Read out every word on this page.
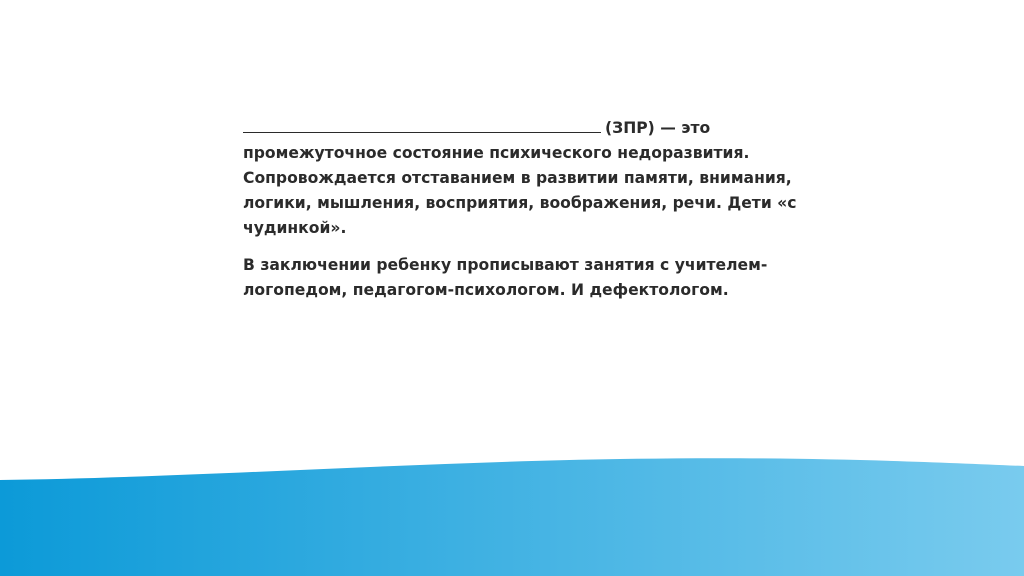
(ЗПР) — это промежуточное состояние психического недоразвития. Сопровождается отставанием в развитии памяти, внимания, логики, мышления, восприятия, воображения, речи. Дети «с чудинкой».

В заключении ребенку прописывают занятия с учителем-логопедом, педагогом-психологом. И дефектологом.
